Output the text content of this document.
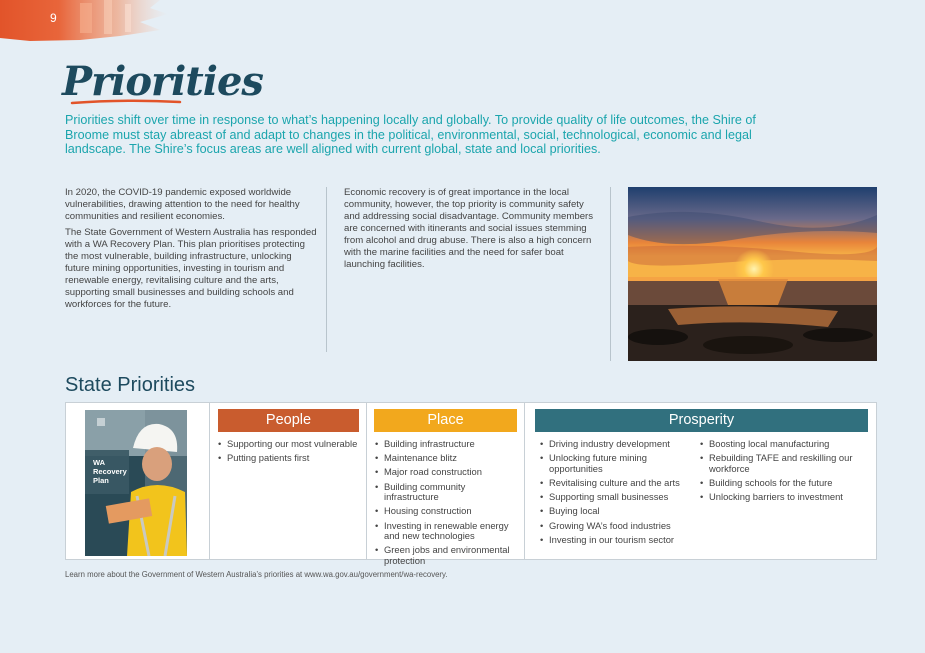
9
Priorities
Priorities shift over time in response to what’s happening locally and globally. To provide quality of life outcomes, the Shire of Broome must stay abreast of and adapt to changes in the political, environmental, social, technological, economic and legal landscape. The Shire’s focus areas are well aligned with current global, state and local priorities.

In 2020, the COVID-19 pandemic exposed worldwide vulnerabilities, drawing attention to the need for healthy communities and resilient economies.

The State Government of Western Australia has responded with a WA Recovery Plan. This plan prioritises protecting the most vulnerable, building infrastructure, unlocking future mining opportunities, investing in tourism and renewable energy, revitalising culture and the arts, supporting small businesses and building schools and workforces for the future.

Economic recovery is of great importance in the local community, however, the top priority is community safety and addressing social disadvantage. Community members are concerned with itinerants and social issues stemming from alcohol and drug abuse. There is also a high concern with the marine facilities and the need for safer boat launching facilities.

State Priorities
WA Recovery Plan
People
• Supporting our most vulnerable
• Putting patients first
Place
• Building infrastructure
• Maintenance blitz
• Major road construction
• Building community infrastructure
• Housing construction
• Investing in renewable energy and new technologies
• Green jobs and environmental protection
Prosperity
• Driving industry development
• Unlocking future mining opportunities
• Revitalising culture and the arts
• Supporting small businesses
• Buying local
• Growing WA’s food industries
• Investing in our tourism sector
• Boosting local manufacturing
• Rebuilding TAFE and reskilling our workforce
• Building schools for the future
• Unlocking barriers to investment
Learn more about the Government of Western Australia’s priorities at www.wa.gov.au/government/wa-recovery.
